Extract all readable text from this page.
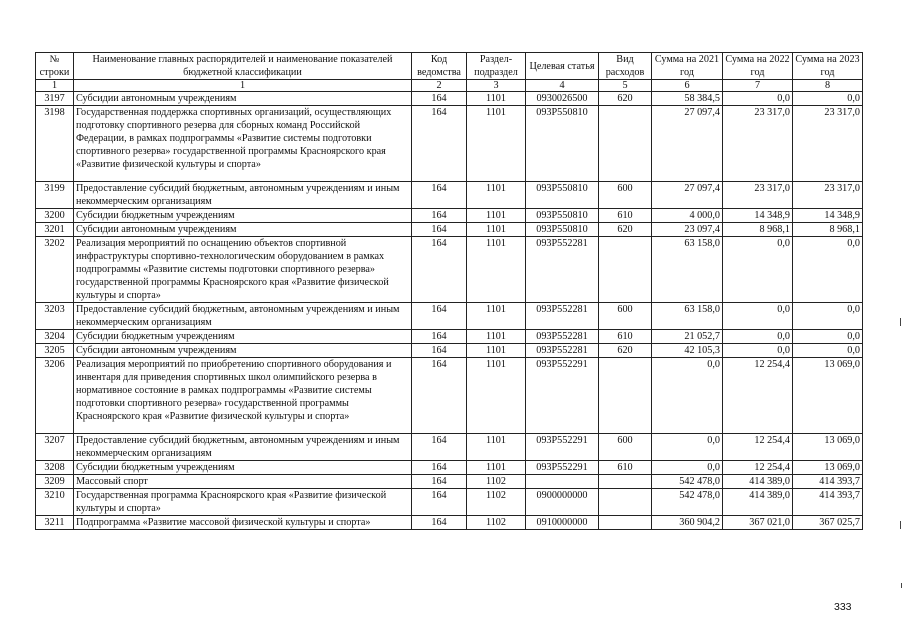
№ строки	Наименование главных распорядителей и наименование показателей бюджетной классификации	Код ведомства	Раздел-подраздел	Целевая статья	Вид расходов	Сумма на 2021 год	Сумма на 2022 год	Сумма на 2023 год
1	1	2	3	4	5	6	7	8
3197	Субсидии автономным учреждениям	164	1101	0930026500	620	58 384,5	0,0	0,0
3198	Государственная поддержка спортивных организаций, осуществляющих подготовку спортивного резерва для сборных команд Российской Федерации, в рамках подпрограммы «Развитие системы подготовки спортивного резерва» государственной программы Красноярского края «Развитие физической культуры и спорта»	164	1101	093P550810		27 097,4	23 317,0	23 317,0
3199	Предоставление субсидий бюджетным, автономным учреждениям и иным некоммерческим организациям	164	1101	093P550810	600	27 097,4	23 317,0	23 317,0
3200	Субсидии бюджетным учреждениям	164	1101	093P550810	610	4 000,0	14 348,9	14 348,9
3201	Субсидии автономным учреждениям	164	1101	093P550810	620	23 097,4	8 968,1	8 968,1
3202	Реализация мероприятий по оснащению объектов спортивной инфраструктуры спортивно-технологическим оборудованием в рамках подпрограммы «Развитие системы подготовки спортивного резерва» государственной программы Красноярского края «Развитие физической культуры и спорта»	164	1101	093P552281		63 158,0	0,0	0,0
3203	Предоставление субсидий бюджетным, автономным учреждениям и иным некоммерческим организациям	164	1101	093P552281	600	63 158,0	0,0	0,0
3204	Субсидии бюджетным учреждениям	164	1101	093P552281	610	21 052,7	0,0	0,0
3205	Субсидии автономным учреждениям	164	1101	093P552281	620	42 105,3	0,0	0,0
3206	Реализация мероприятий по приобретению спортивного оборудования и инвентаря для приведения спортивных школ олимпийского резерва в нормативное состояние в рамках подпрограммы «Развитие системы подготовки спортивного резерва» государственной программы Красноярского края «Развитие физической культуры и спорта»	164	1101	093P552291		0,0	12 254,4	13 069,0
3207	Предоставление субсидий бюджетным, автономным учреждениям и иным некоммерческим организациям	164	1101	093P552291	600	0,0	12 254,4	13 069,0
3208	Субсидии бюджетным учреждениям	164	1101	093P552291	610	0,0	12 254,4	13 069,0
3209	Массовый спорт	164	1102			542 478,0	414 389,0	414 393,7
3210	Государственная программа Красноярского края «Развитие физической культуры и спорта»	164	1102	0900000000		542 478,0	414 389,0	414 393,7
3211	Подпрограмма «Развитие массовой физической культуры и спорта»	164	1102	0910000000		360 904,2	367 021,0	367 025,7
333
